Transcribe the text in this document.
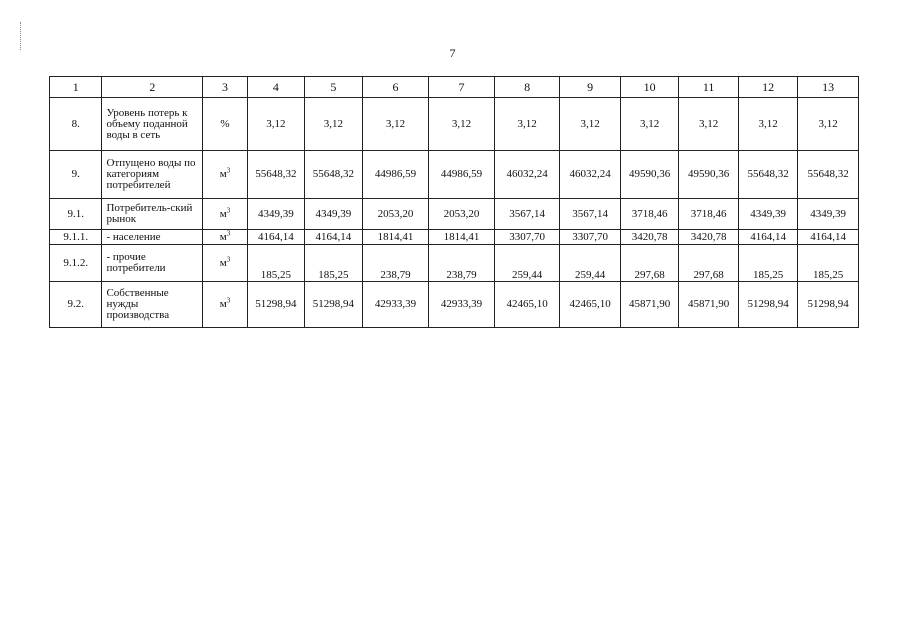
7
1	2	3	4	5	6	7	8	9	10	11	12	13
8.	Уровень потерь к объему поданной воды в сеть	%	3,12	3,12	3,12	3,12	3,12	3,12	3,12	3,12	3,12	3,12
9.	Отпущено воды по категориям потребителей	$м^3$	55648,32	55648,32	44986,59	44986,59	46032,24	46032,24	49590,36	49590,36	55648,32	55648,32
9.1.	Потребитель-ский рынок	$м^3$	4349,39	4349,39	2053,20	2053,20	3567,14	3567,14	3718,46	3718,46	4349,39	4349,39
9.1.1.	- население	$м^3$	4164,14	4164,14	1814,41	1814,41	3307,70	3307,70	3420,78	3420,78	4164,14	4164,14
9.1.2.	- прочие потребители	$м^3$	185,25	185,25	238,79	238,79	259,44	259,44	297,68	297,68	185,25	185,25
9.2.	Собственные нужды производства	$м^3$	51298,94	51298,94	42933,39	42933,39	42465,10	42465,10	45871,90	45871,90	51298,94	51298,94
